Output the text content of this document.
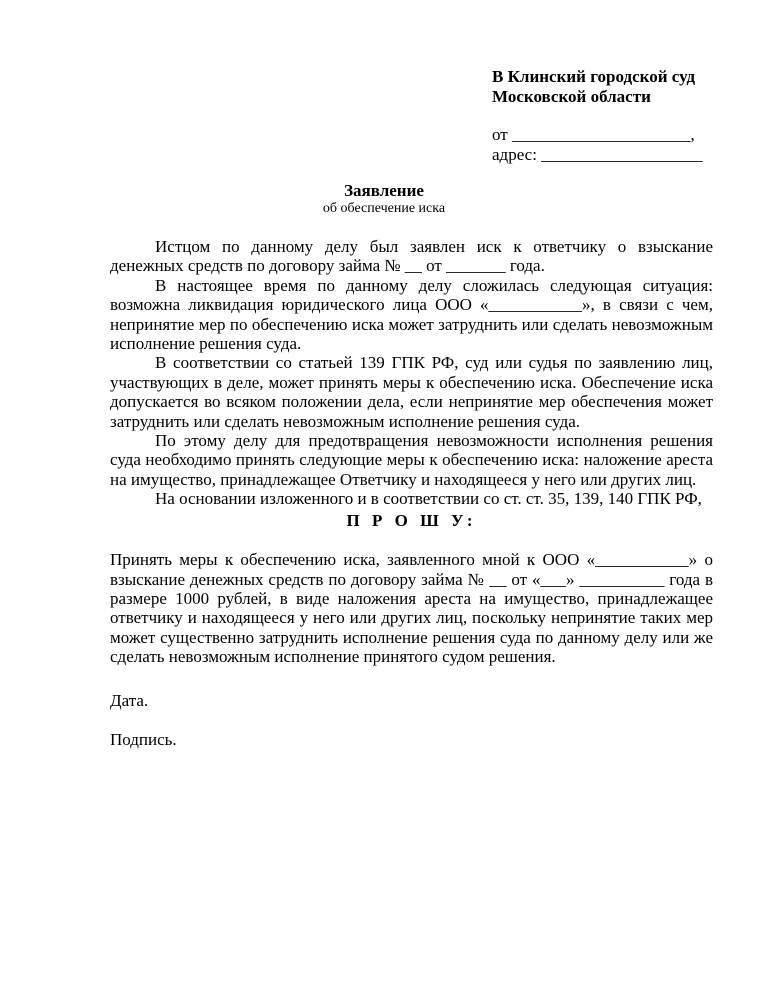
В Клинский городской суд
Московской области
от _____________________,
адрес: ___________________
Заявление
об обеспечение иска

Истцом по данному делу был заявлен иск к ответчику о взыскание денежных средств по договору займа № __ от _______ года.

В настоящее время по данному делу сложилась следующая ситуация: возможна ликвидация юридического лица ООО «___________», в связи с чем, непринятие мер по обеспечению иска может затруднить или сделать невозможным исполнение решения суда.

В соответствии со статьей 139 ГПК РФ, суд или судья по заявлению лиц, участвующих в деле, может принять меры к обеспечению иска. Обеспечение иска допускается во всяком положении дела, если непринятие мер обеспечения может затруднить или сделать невозможным исполнение решения суда.

По этому делу для предотвращения невозможности исполнения решения суда необходимо принять следующие меры к обеспечению иска: наложение ареста на имущество, принадлежащее Ответчику и находящееся у него или других лиц.

На основании изложенного и в соответствии со ст. ст. 35, 139, 140 ГПК РФ,

П Р О Ш У:

Принять меры к обеспечению иска, заявленного мной к ООО «___________» о взыскание денежных средств по договору займа № __ от «___» __________ года в размере 1000 рублей, в виде наложения ареста на имущество, принадлежащее ответчику и находящееся у него или других лиц, поскольку непринятие таких мер может существенно затруднить исполнение решения суда по данному делу или же сделать невозможным исполнение принятого судом решения.

Дата.
Подпись.
